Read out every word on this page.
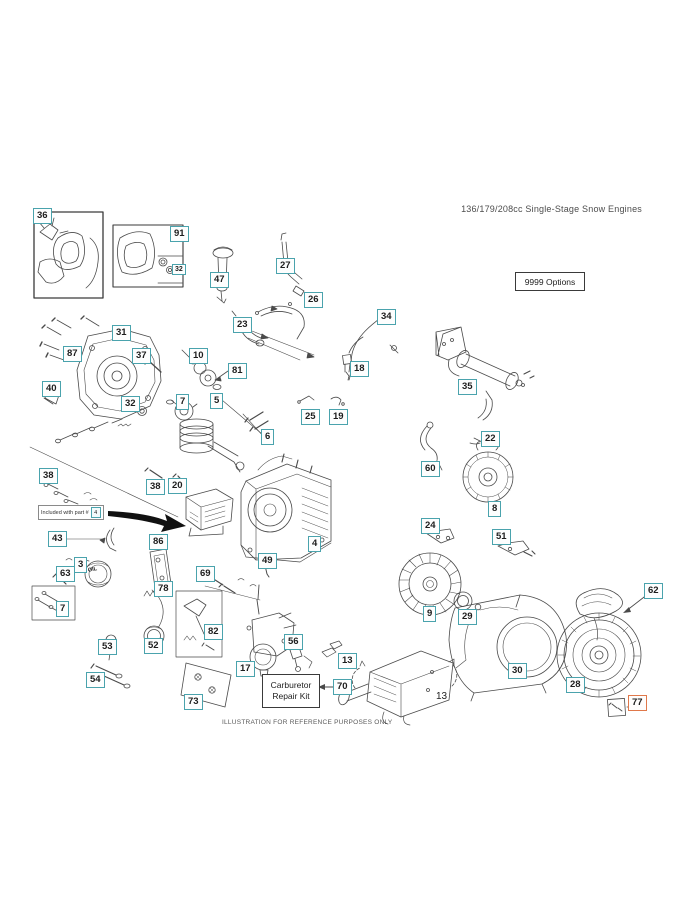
136/179/208cc Single-Stage Snow Engines
9999 Options
Carburetor
Repair Kit
Included with part # 4
OIL
ILLUSTRATION FOR REFERENCE PURPOSES ONLY
36
91
32
47
27
23
26
34
31
87	37	10
81	18
40
32	7	5
35
25	19
6	22
60
8
24
51
38
38	20
43	86	4
49
3
63	69
78
7	9	29
82
56
53	52
13
54
17	30
70
73
28
62
77
13
